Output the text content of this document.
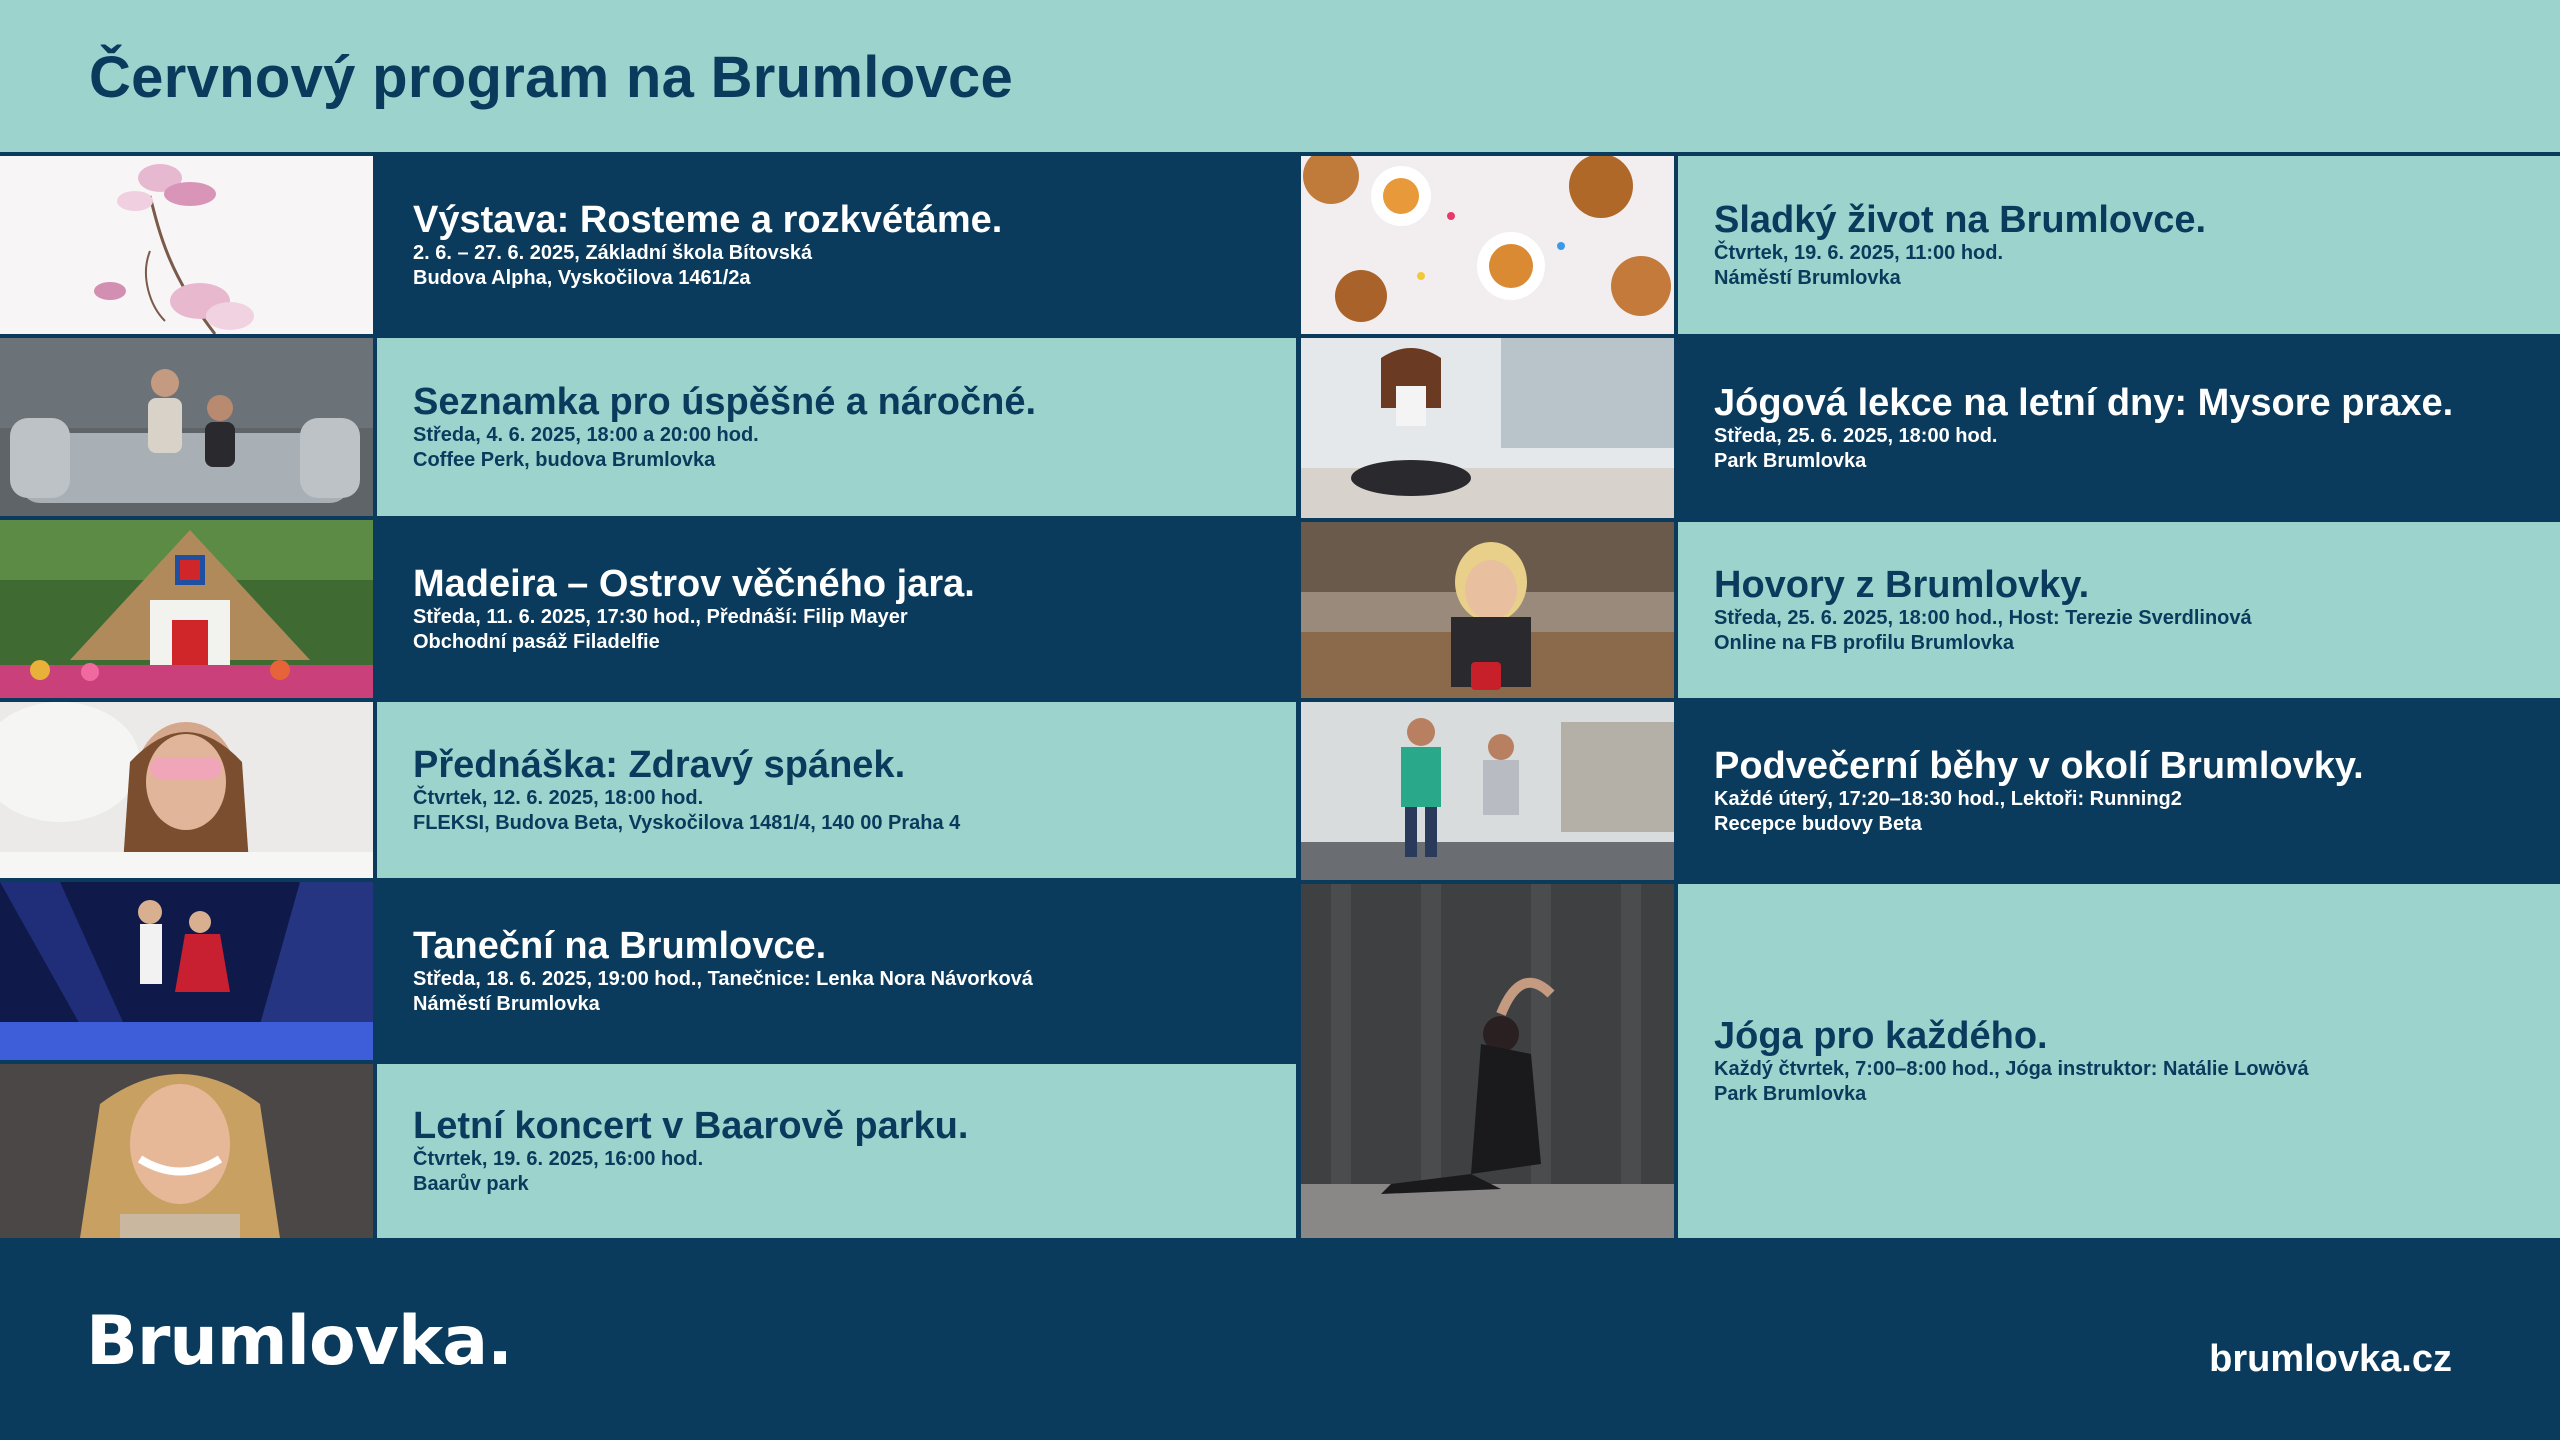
Červnový program na Brumlovce
Výstava: Rosteme a rozkvétáme.
2. 6. – 27. 6. 2025, Základní škola Bítovská
Budova Alpha, Vyskočilova 1461/2a
Seznamka pro úspěšné a náročné.
Středa, 4. 6. 2025, 18:00 a 20:00 hod.
Coffee Perk, budova Brumlovka
Madeira – Ostrov věčného jara.
Středa, 11. 6. 2025, 17:30 hod., Přednáší: Filip Mayer
Obchodní pasáž Filadelfie
Přednáška: Zdravý spánek.
Čtvrtek, 12. 6. 2025, 18:00 hod.
FLEKSI, Budova Beta, Vyskočilova 1481/4, 140 00 Praha 4
Taneční na Brumlovce.
Středa, 18. 6. 2025, 19:00 hod., Tanečnice: Lenka Nora Návorková
Náměstí Brumlovka
Letní koncert v Baarově parku.
Čtvrtek, 19. 6. 2025, 16:00 hod.
Baarův park
Sladký život na Brumlovce.
Čtvrtek, 19. 6. 2025, 11:00 hod.
Náměstí Brumlovka
Jógová lekce na letní dny: Mysore praxe.
Středa, 25. 6. 2025, 18:00 hod.
Park Brumlovka
Hovory z Brumlovky.
Středa, 25. 6. 2025, 18:00 hod., Host: Terezie Sverdlinová
Online na FB profilu Brumlovka
Podvečerní běhy v okolí Brumlovky.
Každé úterý, 17:20–18:30 hod., Lektoři: Running2
Recepce budovy Beta
Jóga pro každého.
Každý čtvrtek, 7:00–8:00 hod., Jóga instruktor: Natálie Lowövá
Park Brumlovka
Brumlovka.	brumlovka.cz
